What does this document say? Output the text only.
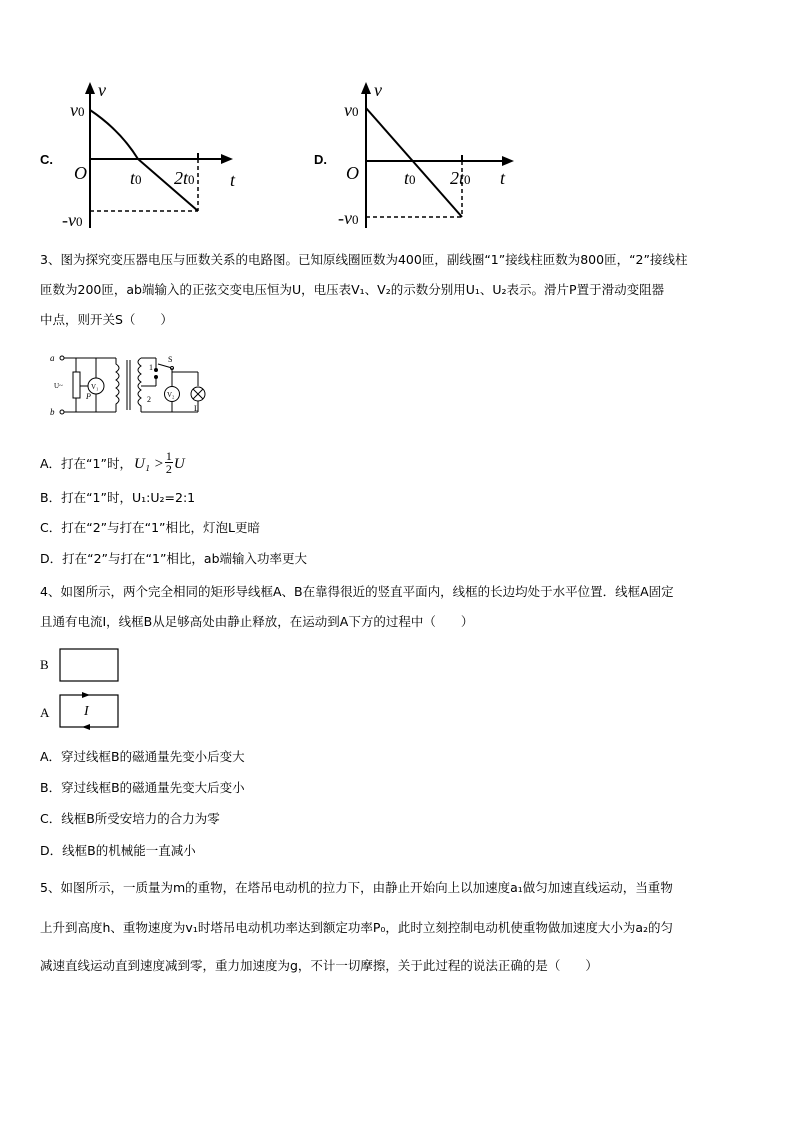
C.
v
t
O
v0
-v0
t0 2t0
D.
v
t
O
v0
-v0
t0 2t0
3、图为探究变压器电压与匝数关系的电路图。已知原线圈匝数为400匝，副线圈“1”接线柱匝数为800匝，“2”接线柱
匝数为200匝，ab端输入的正弦交变电压恒为U，电压表V₁、V₂的示数分别用U₁、U₂表示。滑片P置于滑动变阻器
中点，则开关S（　　）
a
b
U~
P
V₁
S
1
2 V₂
L
A．打在“1”时， $U_1 > \frac{1}{2}$ U
B．打在“1”时，U₁:U₂=2:1
C．打在“2”与打在“1”相比，灯泡L更暗
D．打在“2”与打在“1”相比，ab端输入功率更大
4、如图所示，两个完全相同的矩形导线框A、B在靠得很近的竖直平面内，线框的长边均处于水平位置．线框A固定
且通有电流I，线框B从足够高处由静止释放，在运动到A下方的过程中（　　）
B
A I
A．穿过线框B的磁通量先变小后变大
B．穿过线框B的磁通量先变大后变小
C．线框B所受安培力的合力为零
D．线框B的机械能一直减小
5、如图所示，一质量为m的重物，在塔吊电动机的拉力下，由静止开始向上以加速度a₁做匀加速直线运动，当重物
上升到高度h、重物速度为v₁时塔吊电动机功率达到额定功率P₀，此时立刻控制电动机使重物做加速度大小为a₂的匀
减速直线运动直到速度减到零，重力加速度为g，不计一切摩擦，关于此过程的说法正确的是（　　）
